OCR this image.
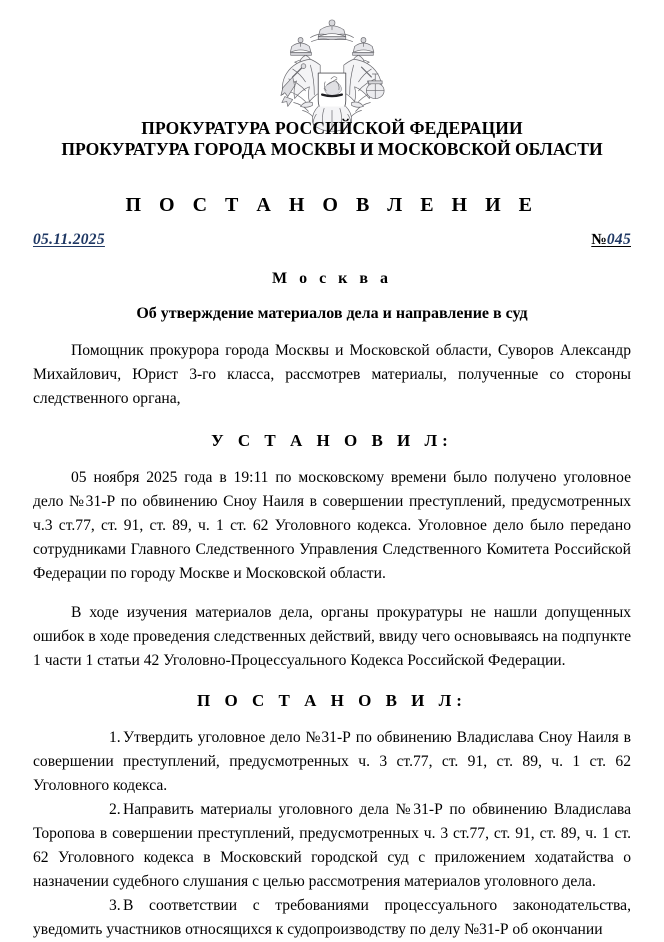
ПРОКУРАТУРА РОССИЙСКОЙ ФЕДЕРАЦИИ
ПРОКУРАТУРА ГОРОДА МОСКВЫ И МОСКОВСКОЙ ОБЛАСТИ
П О С Т А Н О В Л Е Н И Е
05.11.2025	№045
М о с к в а
Об утверждение материалов дела и направление в суд

Помощник прокурора города Москвы и Московской области, Суворов Александр Михайлович, Юрист 3-го класса, рассмотрев материалы, полученные со стороны следственного органа,

У С Т А Н О В И Л:

05 ноября 2025 года в 19:11 по московскому времени было получено уголовное дело №31-Р по обвинению Сноу Наиля в совершении преступлений, предусмотренных ч.3 ст.77, ст. 91, ст. 89, ч. 1 ст. 62 Уголовного кодекса. Уголовное дело было передано сотрудниками Главного Следственного Управления Следственного Комитета Российской Федерации по городу Москве и Московской области.

В ходе изучения материалов дела, органы прокуратуры не нашли допущенных ошибок в ходе проведения следственных действий, ввиду чего основываясь на подпункте 1 части 1 статьи 42 Уголовно-Процессуального Кодекса Российской Федерации.

П О С Т А Н О В И Л:

1. Утвердить уголовное дело №31-Р по обвинению Владислава Сноу Наиля в совершении преступлений, предусмотренных ч. 3 ст.77, ст. 91, ст. 89, ч. 1 ст. 62 Уголовного кодекса.

2. Направить материалы уголовного дела №31-Р по обвинению Владислава Торопова в совершении преступлений, предусмотренных ч. 3 ст.77, ст. 91, ст. 89, ч. 1 ст. 62 Уголовного кодекса в Московский городской суд с приложением ходатайства о назначении судебного слушания с целью рассмотрения материалов уголовного дела.

3. В соответствии с требованиями процессуального законодательства, уведомить участников относящихся к судопроизводству по делу №31-Р об окончании
